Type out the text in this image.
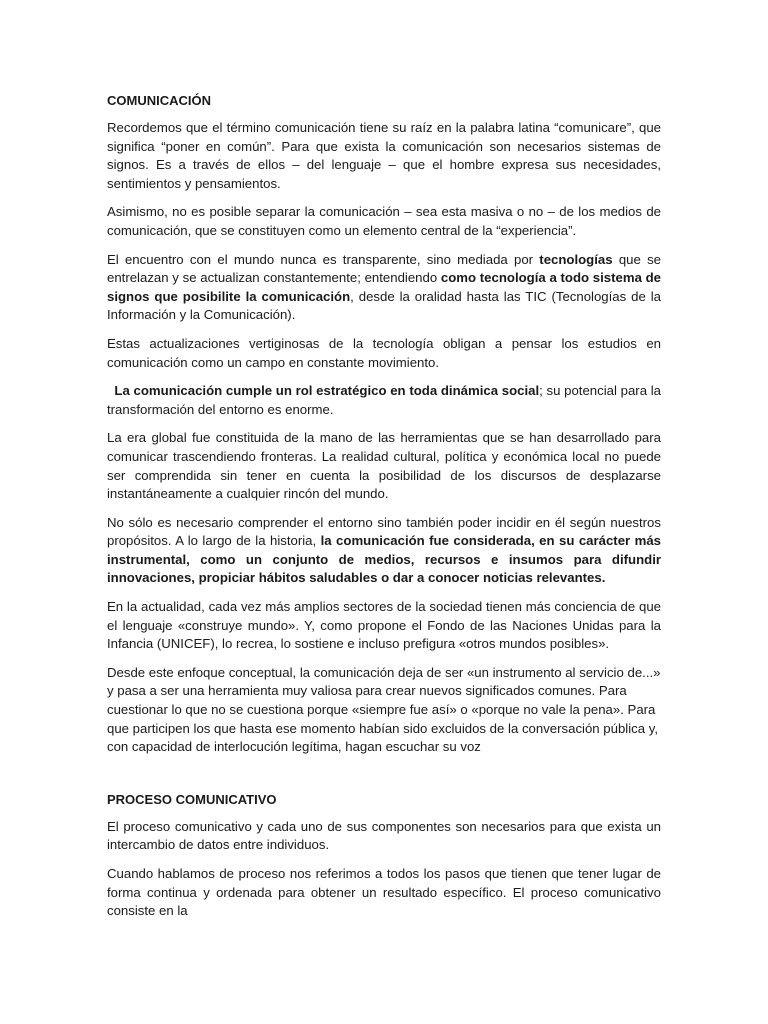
COMUNICACIÓN

Recordemos que el término comunicación tiene su raíz en la palabra latina “comunicare”, que significa “poner en común”. Para que exista la comunicación son necesarios sistemas de signos. Es a través de ellos – del lenguaje – que el hombre expresa sus necesidades, sentimientos y pensamientos.

Asimismo, no es posible separar la comunicación – sea esta masiva o no – de los medios de comunicación, que se constituyen como un elemento central de la “experiencia”.

El encuentro con el mundo nunca es transparente, sino mediada por tecnologías que se entrelazan y se actualizan constantemente; entendiendo como tecnología a todo sistema de signos que posibilite la comunicación, desde la oralidad hasta las TIC (Tecnologías de la Información y la Comunicación).

Estas actualizaciones vertiginosas de la tecnología obligan a pensar los estudios en comunicación como un campo en constante movimiento.

La comunicación cumple un rol estratégico en toda dinámica social; su potencial para la transformación del entorno es enorme.

La era global fue constituida de la mano de las herramientas que se han desarrollado para comunicar trascendiendo fronteras. La realidad cultural, política y económica local no puede ser comprendida sin tener en cuenta la posibilidad de los discursos de desplazarse instantáneamente a cualquier rincón del mundo.

No sólo es necesario comprender el entorno sino también poder incidir en él según nuestros propósitos. A lo largo de la historia, la comunicación fue considerada, en su carácter más instrumental, como un conjunto de medios, recursos e insumos para difundir innovaciones, propiciar hábitos saludables o dar a conocer noticias relevantes.

En la actualidad, cada vez más amplios sectores de la sociedad tienen más conciencia de que el lenguaje «construye mundo». Y, como propone el Fondo de las Naciones Unidas para la Infancia (UNICEF), lo recrea, lo sostiene e incluso prefigura «otros mundos posibles».

Desde este enfoque conceptual, la comunicación deja de ser «un instrumento al servicio de...» y pasa a ser una herramienta muy valiosa para crear nuevos significados comunes. Para cuestionar lo que no se cuestiona porque «siempre fue así» o «porque no vale la pena». Para que participen los que hasta ese momento habían sido excluidos de la conversación pública y, con capacidad de interlocución legítima, hagan escuchar su voz

PROCESO COMUNICATIVO

El proceso comunicativo y cada uno de sus componentes son necesarios para que exista un intercambio de datos entre individuos.

Cuando hablamos de proceso nos referimos a todos los pasos que tienen que tener lugar de forma continua y ordenada para obtener un resultado específico. El proceso comunicativo consiste en la
